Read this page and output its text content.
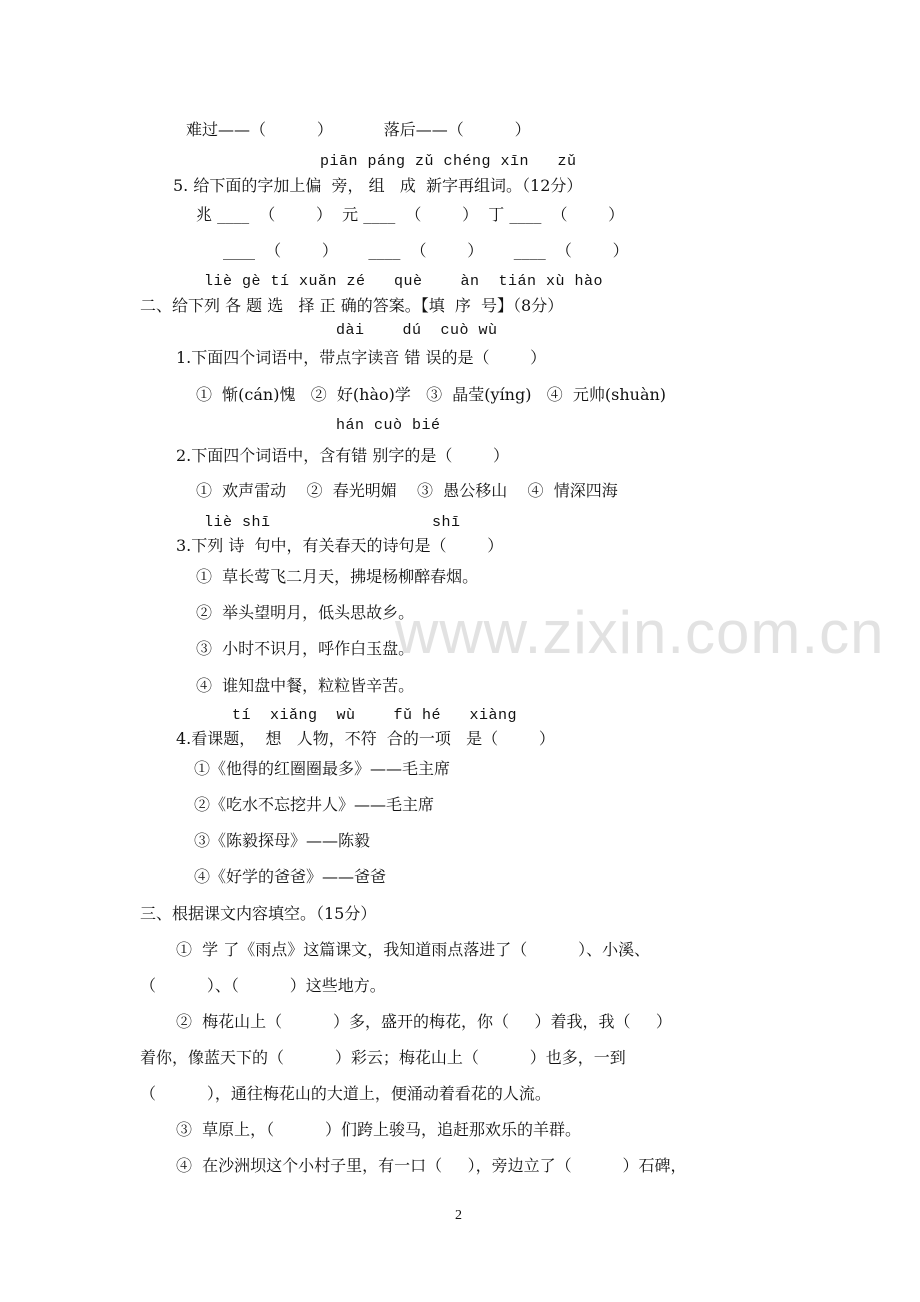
难过——（          ）          落后——（          ）
piān páng zǔ chéng xīn   zǔ
5. 给下面的字加上偏  旁， 组   成  新字再组词。（12分）
兆 ____  （        ）  元 ____  （        ）  丁 ____  （        ）
____  （        ）      ____  （        ）      ____  （        ）
liè gè tí xuǎn zé   què    àn  tián xù hào
二、给下列 各 题 选   择 正 确的答案。【填  序  号】（8分）
dài    dú  cuò wù
1.下面四个词语中，带点字读音 错 误的是（        ）
①  惭(cán)愧   ②  好(hào)学   ③  晶莹(yíng)   ④  元帅(shuàn)
hán cuò bié
2.下面四个词语中，含有错 别字的是（        ）
①  欢声雷动    ②  春光明媚    ③  愚公移山    ④  情深四海
liè shī                 shī
3.下列 诗  句中，有关春天的诗句是（        ）
①  草长莺飞二月天，拂堤杨柳醉春烟。
②  举头望明月，低头思故乡。
③  小时不识月，呼作白玉盘。
④  谁知盘中餐，粒粒皆辛苦。
tí  xiǎng  wù    fǔ hé   xiàng
4.看课题，  想   人物，不符  合的一项   是（        ）
①《他得的红圈圈最多》——毛主席
②《吃水不忘挖井人》——毛主席
③《陈毅探母》——陈毅
④《好学的爸爸》——爸爸
三、根据课文内容填空。（15分）
①  学 了《雨点》这篇课文，我知道雨点落进了（          ）、小溪、
（          ）、（          ）这些地方。
②  梅花山上（          ）多，盛开的梅花，你（     ）着我，我（     ）
着你，像蓝天下的（          ）彩云；梅花山上（          ）也多，一到
（          ），通往梅花山的大道上，便涌动着看花的人流。
③  草原上，（          ）们跨上骏马，追赶那欢乐的羊群。
④  在沙洲坝这个小村子里，有一口（     ），旁边立了（          ）石碑，
www.zixin.com.cn
2
